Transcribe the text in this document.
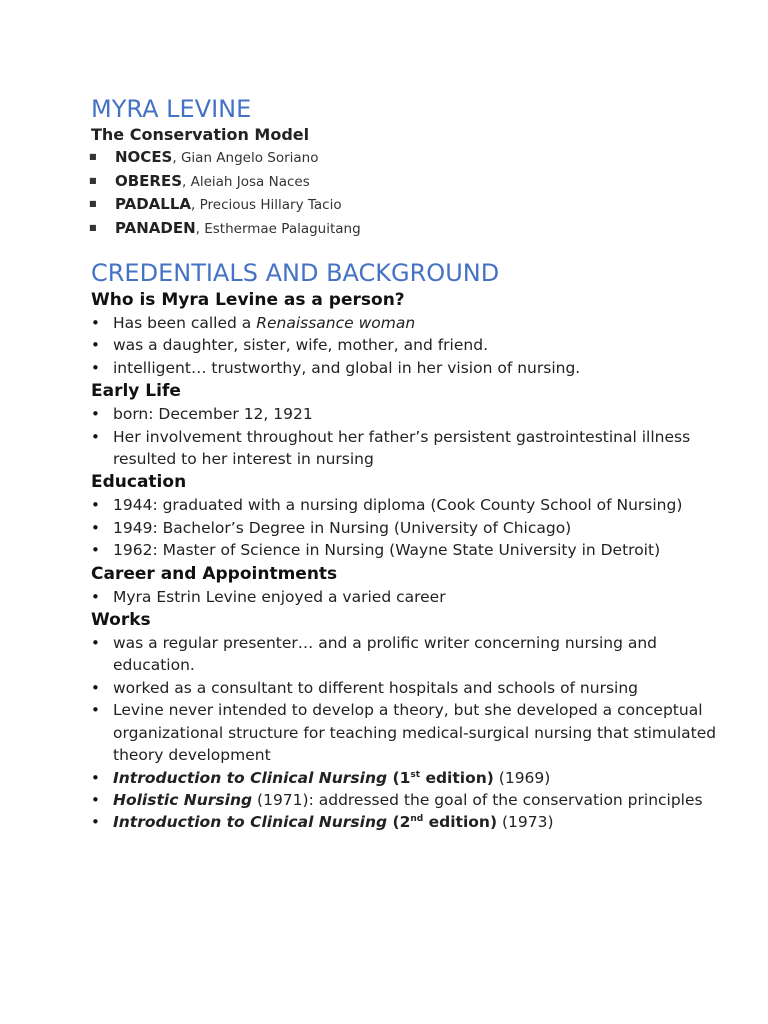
MYRA LEVINE

The Conservation Model

■ NOCES, Gian Angelo Soriano
■ OBERES, Aleiah Josa Naces
■ PADALLA, Precious Hillary Tacio
■ PANADEN, Esthermae Palaguitang
CREDENTIALS AND BACKGROUND
Who is Myra Levine as a person?
• Has been called a Renaissance woman
• was a daughter, sister, wife, mother, and friend.
• intelligent… trustworthy, and global in her vision of nursing.
Early Life
• born: December 12, 1921
• Her involvement throughout her father’s persistent gastrointestinal illness resulted to her interest in nursing
Education
• 1944: graduated with a nursing diploma (Cook County School of Nursing)
• 1949: Bachelor’s Degree in Nursing (University of Chicago)
• 1962: Master of Science in Nursing (Wayne State University in Detroit)
Career and Appointments
• Myra Estrin Levine enjoyed a varied career
Works
• was a regular presenter… and a prolific writer concerning nursing and education.
• worked as a consultant to different hospitals and schools of nursing
• Levine never intended to develop a theory, but she developed a conceptual organizational structure for teaching medical-surgical nursing that stimulated theory development
• Introduction to Clinical Nursing (1st edition) (1969)
• Holistic Nursing (1971): addressed the goal of the conservation principles
• Introduction to Clinical Nursing (2nd edition) (1973)
